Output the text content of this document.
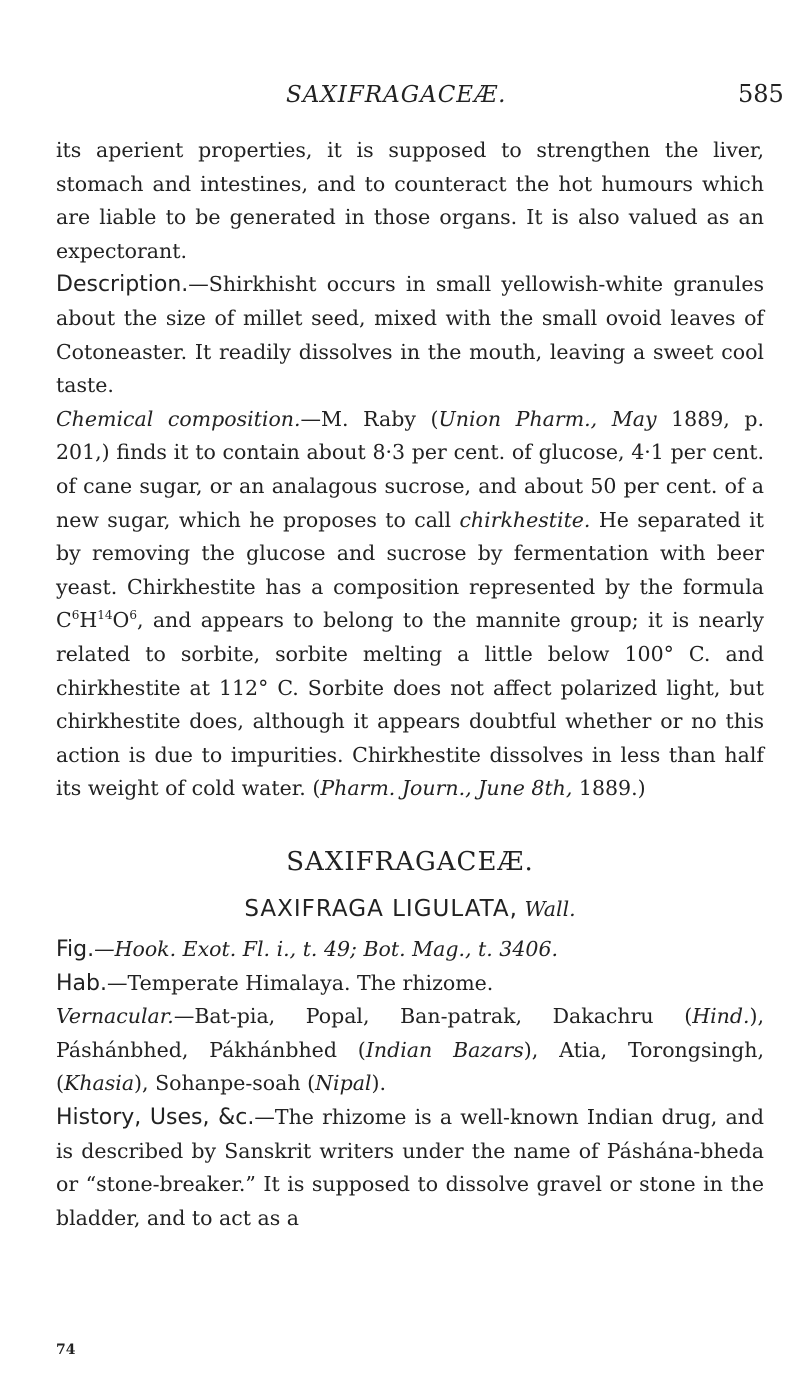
SAXIFRAGACEÆ.	585

its aperient properties, it is supposed to strengthen the liver, stomach and intestines, and to counteract the hot humours which are liable to be generated in those organs. It is also valued as an expectorant.

Description.—Shirkhisht occurs in small yellowish-white granules about the size of millet seed, mixed with the small ovoid leaves of Cotoneaster. It readily dissolves in the mouth, leaving a sweet cool taste.

Chemical composition.—M. Raby (Union Pharm., May 1889, p. 201,) finds it to contain about 8·3 per cent. of glucose, 4·1 per cent. of cane sugar, or an analagous sucrose, and about 50 per cent. of a new sugar, which he proposes to call chirkhestite. He separated it by removing the glucose and sucrose by fermentation with beer yeast. Chirkhestite has a composition represented by the formula $C^6H^{14}O^6$, and appears to belong to the mannite group; it is nearly related to sorbite, sorbite melting a little below 100° C. and chirkhestite at 112° C. Sorbite does not affect polarized light, but chirkhestite does, although it appears doubtful whether or no this action is due to impurities. Chirkhestite dissolves in less than half its weight of cold water. (Pharm. Journ., June 8th, 1889.)

SAXIFRAGACEÆ.
SAXIFRAGA LIGULATA, Wall.

Fig.—Hook. Exot. Fl. i., t. 49; Bot. Mag., t. 3406.

Hab.—Temperate Himalaya. The rhizome.

Vernacular.—Bat-pia, Popal, Ban-patrak, Dakachru (Hind.), Páshánbhed, Pákhánbhed (Indian Bazars), Atia, Torongsingh, (Khasia), Sohanpe-soah (Nipal).

History, Uses, &c.—The rhizome is a well-known Indian drug, and is described by Sanskrit writers under the name of Páshána-bheda or “stone-breaker.” It is supposed to dissolve gravel or stone in the bladder, and to act as a

74
